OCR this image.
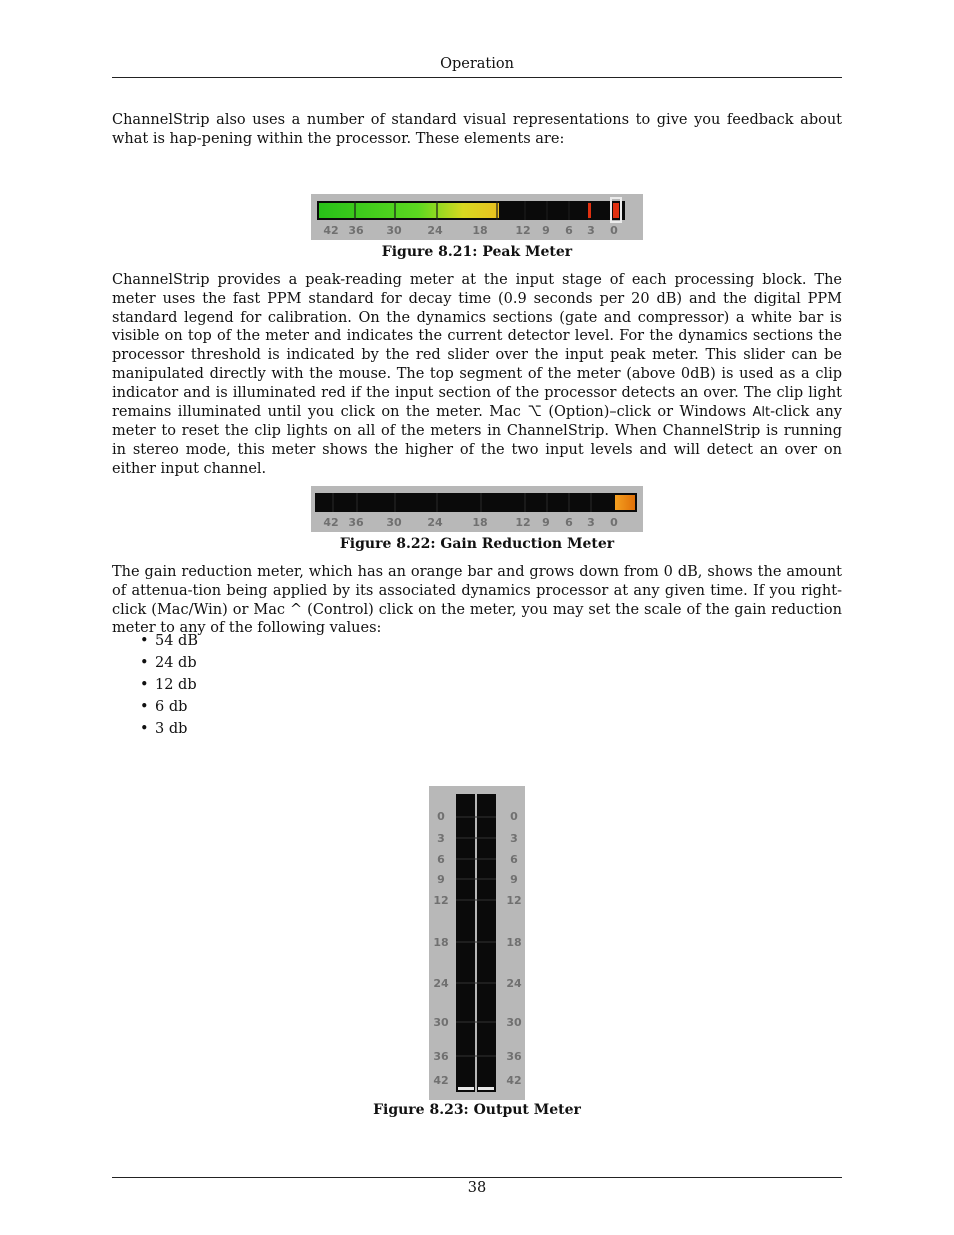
Operation

ChannelStrip also uses a number of standard visual representations to give you feedback about what is hap-pening within the processor. These elements are:

42 36 30 24	18	12 9 6 3 0
Figure 8.21: Peak Meter

ChannelStrip provides a peak-reading meter at the input stage of each processing block. The meter uses the fast PPM standard for decay time (0.9 seconds per 20 dB) and the digital PPM standard legend for calibration. On the dynamics sections (gate and compressor) a white bar is visible on top of the meter and indicates the current detector level. For the dynamics sections the processor threshold is indicated by the red slider over the input peak meter. This slider can be manipulated directly with the mouse. The top segment of the meter (above 0dB) is used as a clip indicator and is illuminated red if the input section of the processor detects an over. The clip light remains illuminated until you click on the meter. Mac ⌥ (Option)–click or Windows Alt-click any meter to reset the clip lights on all of the meters in ChannelStrip. When ChannelStrip is running in stereo mode, this meter shows the higher of the two input levels and will detect an over on either input channel.

42 36 30 24	18	12 9 6 3 0
Figure 8.22: Gain Reduction Meter

The gain reduction meter, which has an orange bar and grows down from 0 dB, shows the amount of attenua-tion being applied by its associated dynamics processor at any given time. If you right-click (Mac/Win) or Mac ^ (Control) click on the meter, you may set the scale of the gain reduction meter to any of the following values:

• 54 dB
• 24 db
• 12 db
• 6 db
• 3 db
0
3
6
9
12
18
24
30
36
42
0
3
6
9
12
18
24
30
36
42
Figure 8.23: Output Meter
38
